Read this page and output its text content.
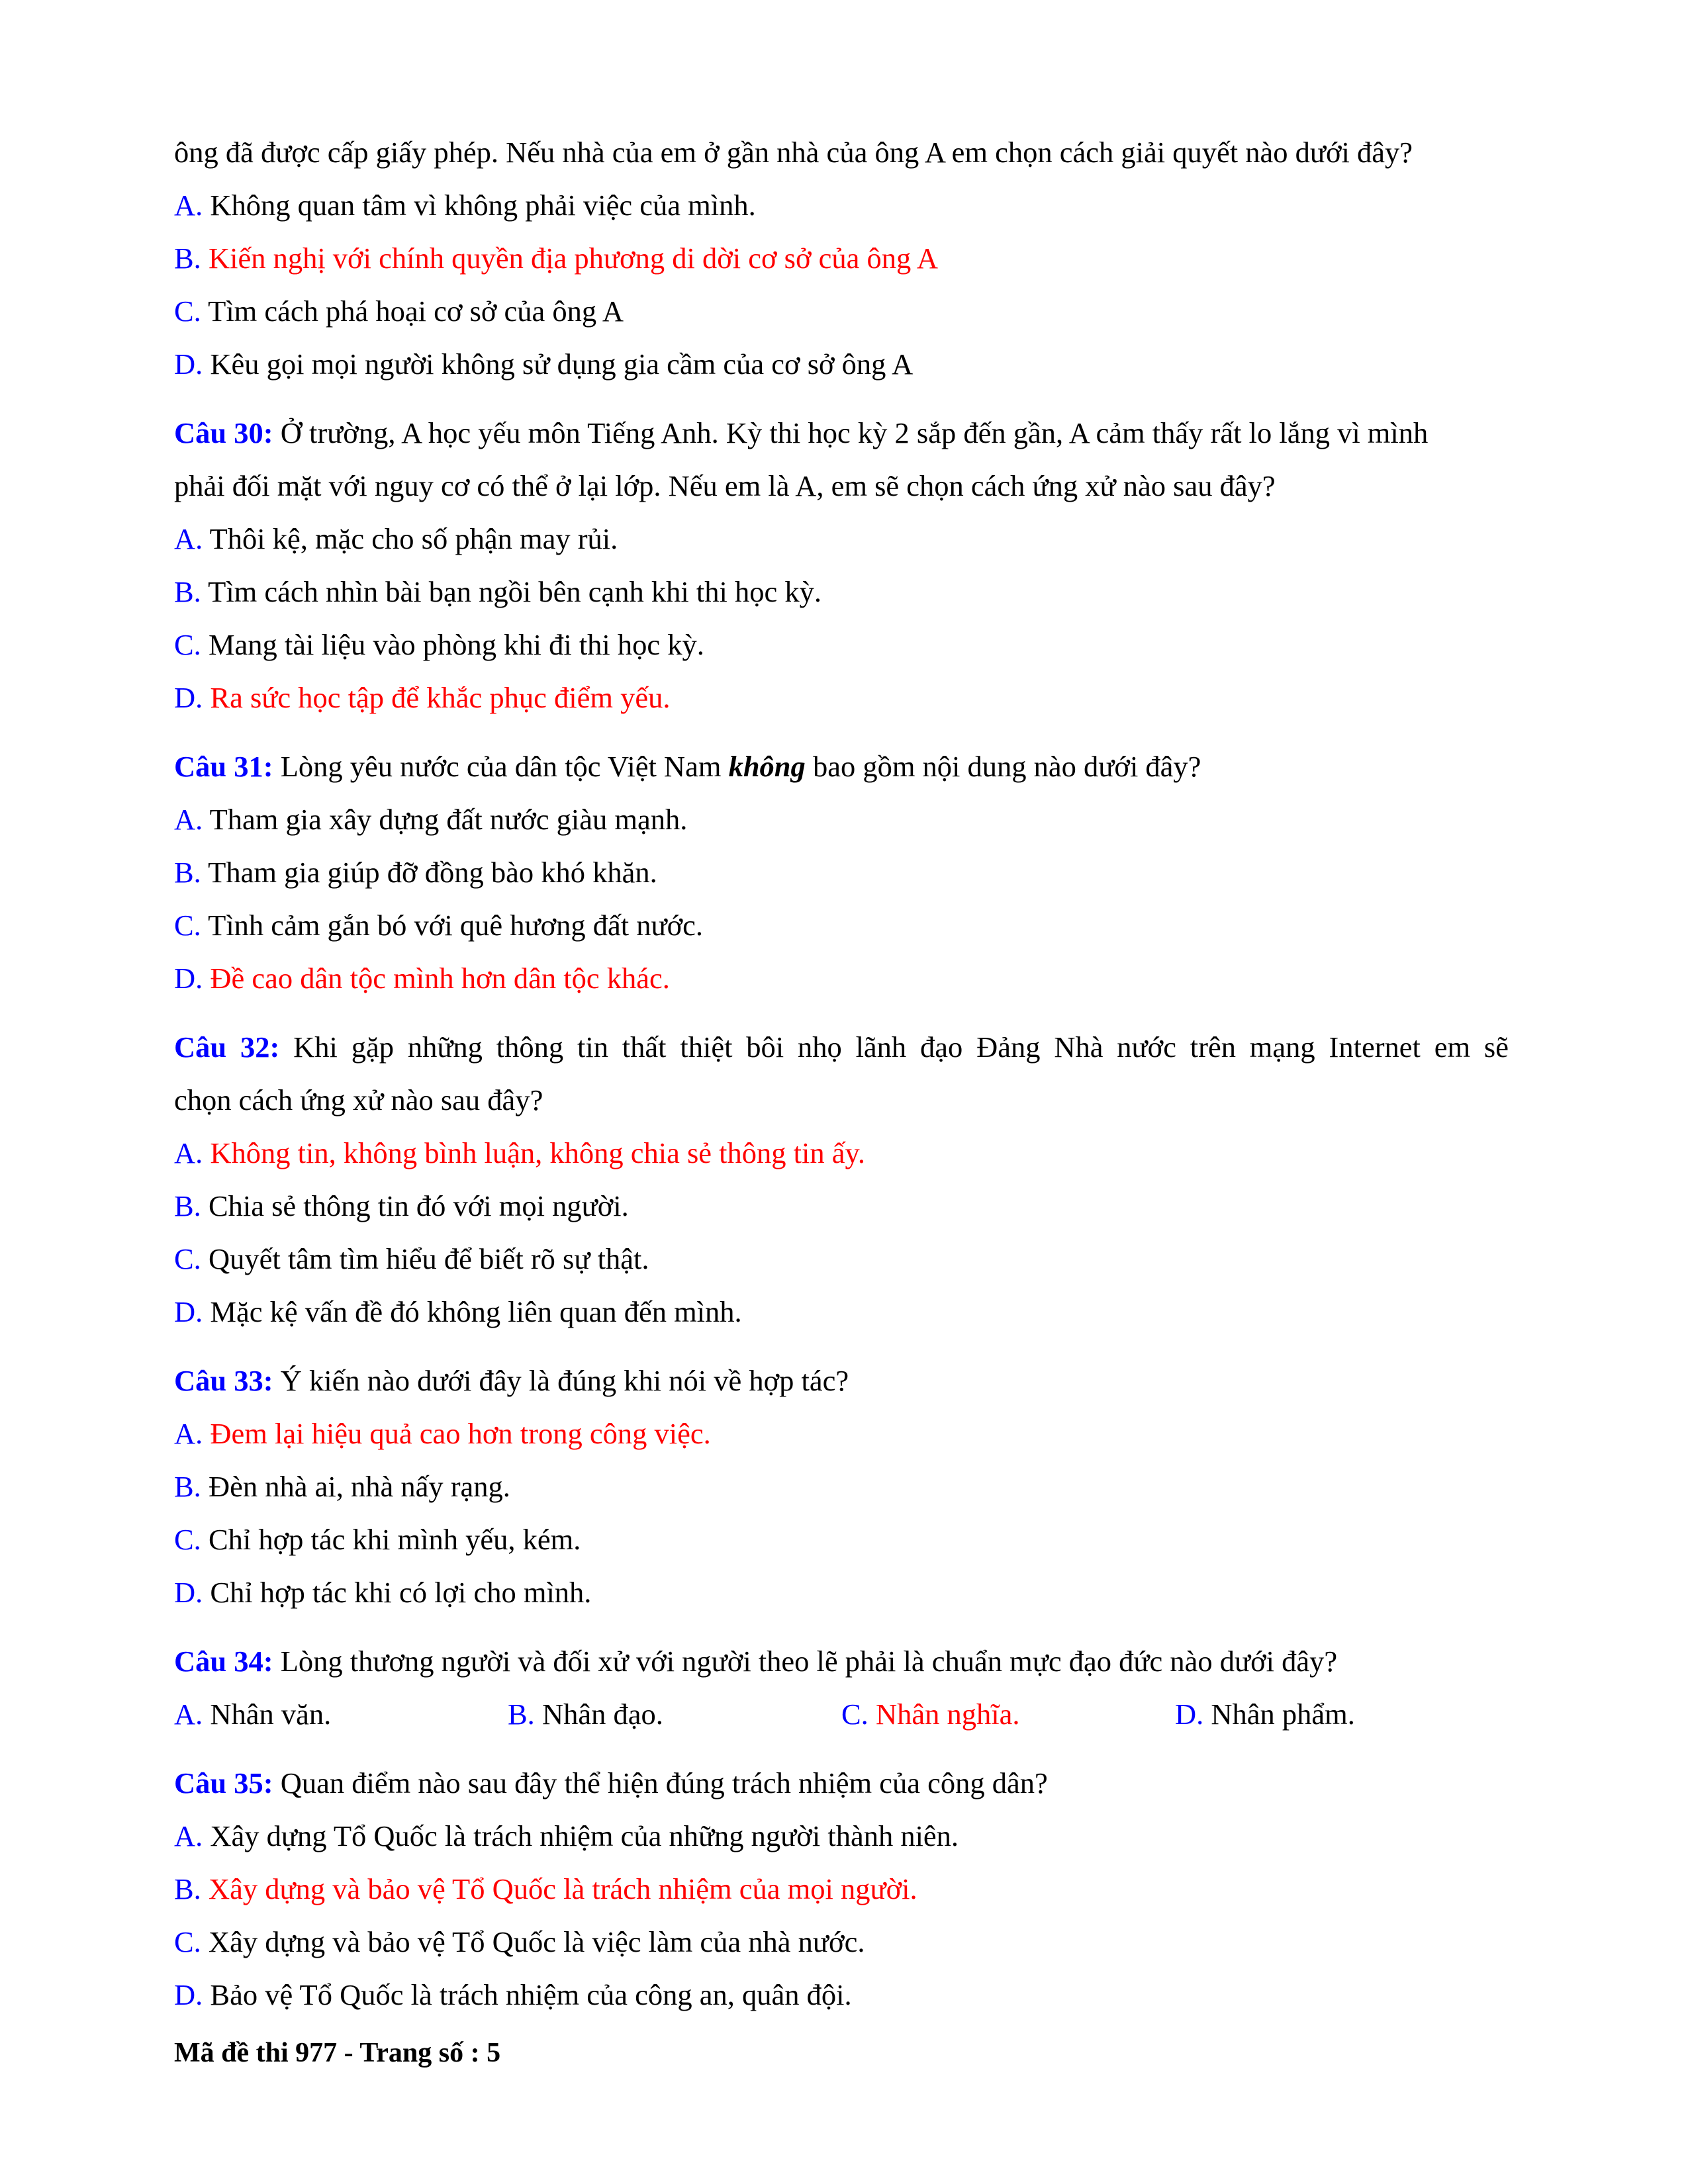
ông đã được cấp giấy phép. Nếu nhà của em ở gần nhà của ông A em chọn cách giải quyết nào dưới đây?
A. Không quan tâm vì không phải việc của mình.
B. Kiến nghị với chính quyền địa phương di dời cơ sở của ông A
C. Tìm cách phá hoại cơ sở của ông A
D. Kêu gọi mọi người không sử dụng gia cầm của cơ sở ông A
Câu 30: Ở trường, A học yếu môn Tiếng Anh. Kỳ thi học kỳ 2 sắp đến gần, A cảm thấy rất lo lắng vì mình
phải đối mặt với nguy cơ có thể ở lại lớp. Nếu em là A, em sẽ chọn cách ứng xử nào sau đây?
A. Thôi kệ, mặc cho số phận may rủi.
B. Tìm cách nhìn bài bạn ngồi bên cạnh khi thi học kỳ.
C. Mang tài liệu vào phòng khi đi thi học kỳ.
D. Ra sức học tập để khắc phục điểm yếu.
Câu 31: Lòng yêu nước của dân tộc Việt Nam không bao gồm nội dung nào dưới đây?
A. Tham gia xây dựng đất nước giàu mạnh.
B. Tham gia giúp đỡ đồng bào khó khăn.
C. Tình cảm gắn bó với quê hương đất nước.
D. Đề cao dân tộc mình hơn dân tộc khác.
Câu 32: Khi gặp những thông tin thất thiệt bôi nhọ lãnh đạo Đảng Nhà nước trên mạng Internet em sẽ
chọn cách ứng xử nào sau đây?
A. Không tin, không bình luận, không chia sẻ thông tin ấy.
B. Chia sẻ thông tin đó với mọi người.
C. Quyết tâm tìm hiểu để biết rõ sự thật.
D. Mặc kệ vấn đề đó không liên quan đến mình.
Câu 33: Ý kiến nào dưới đây là đúng khi nói về hợp tác?
A. Đem lại hiệu quả cao hơn trong công việc.
B. Đèn nhà ai, nhà nấy rạng.
C. Chỉ hợp tác khi mình yếu, kém.
D. Chỉ hợp tác khi có lợi cho mình.
Câu 34: Lòng thương người và đối xử với người theo lẽ phải là chuẩn mực đạo đức nào dưới đây?
A. Nhân văn.	B. Nhân đạo.	C. Nhân nghĩa.	D. Nhân phẩm.
Câu 35: Quan điểm nào sau đây thể hiện đúng trách nhiệm của công dân?
A. Xây dựng Tổ Quốc là trách nhiệm của những người thành niên.
B. Xây dựng và bảo vệ Tổ Quốc là trách nhiệm của mọi người.
C. Xây dựng và bảo vệ Tổ Quốc là việc làm của nhà nước.
D. Bảo vệ Tổ Quốc là trách nhiệm của công an, quân đội.
Mã đề thi 977 - Trang số : 5
